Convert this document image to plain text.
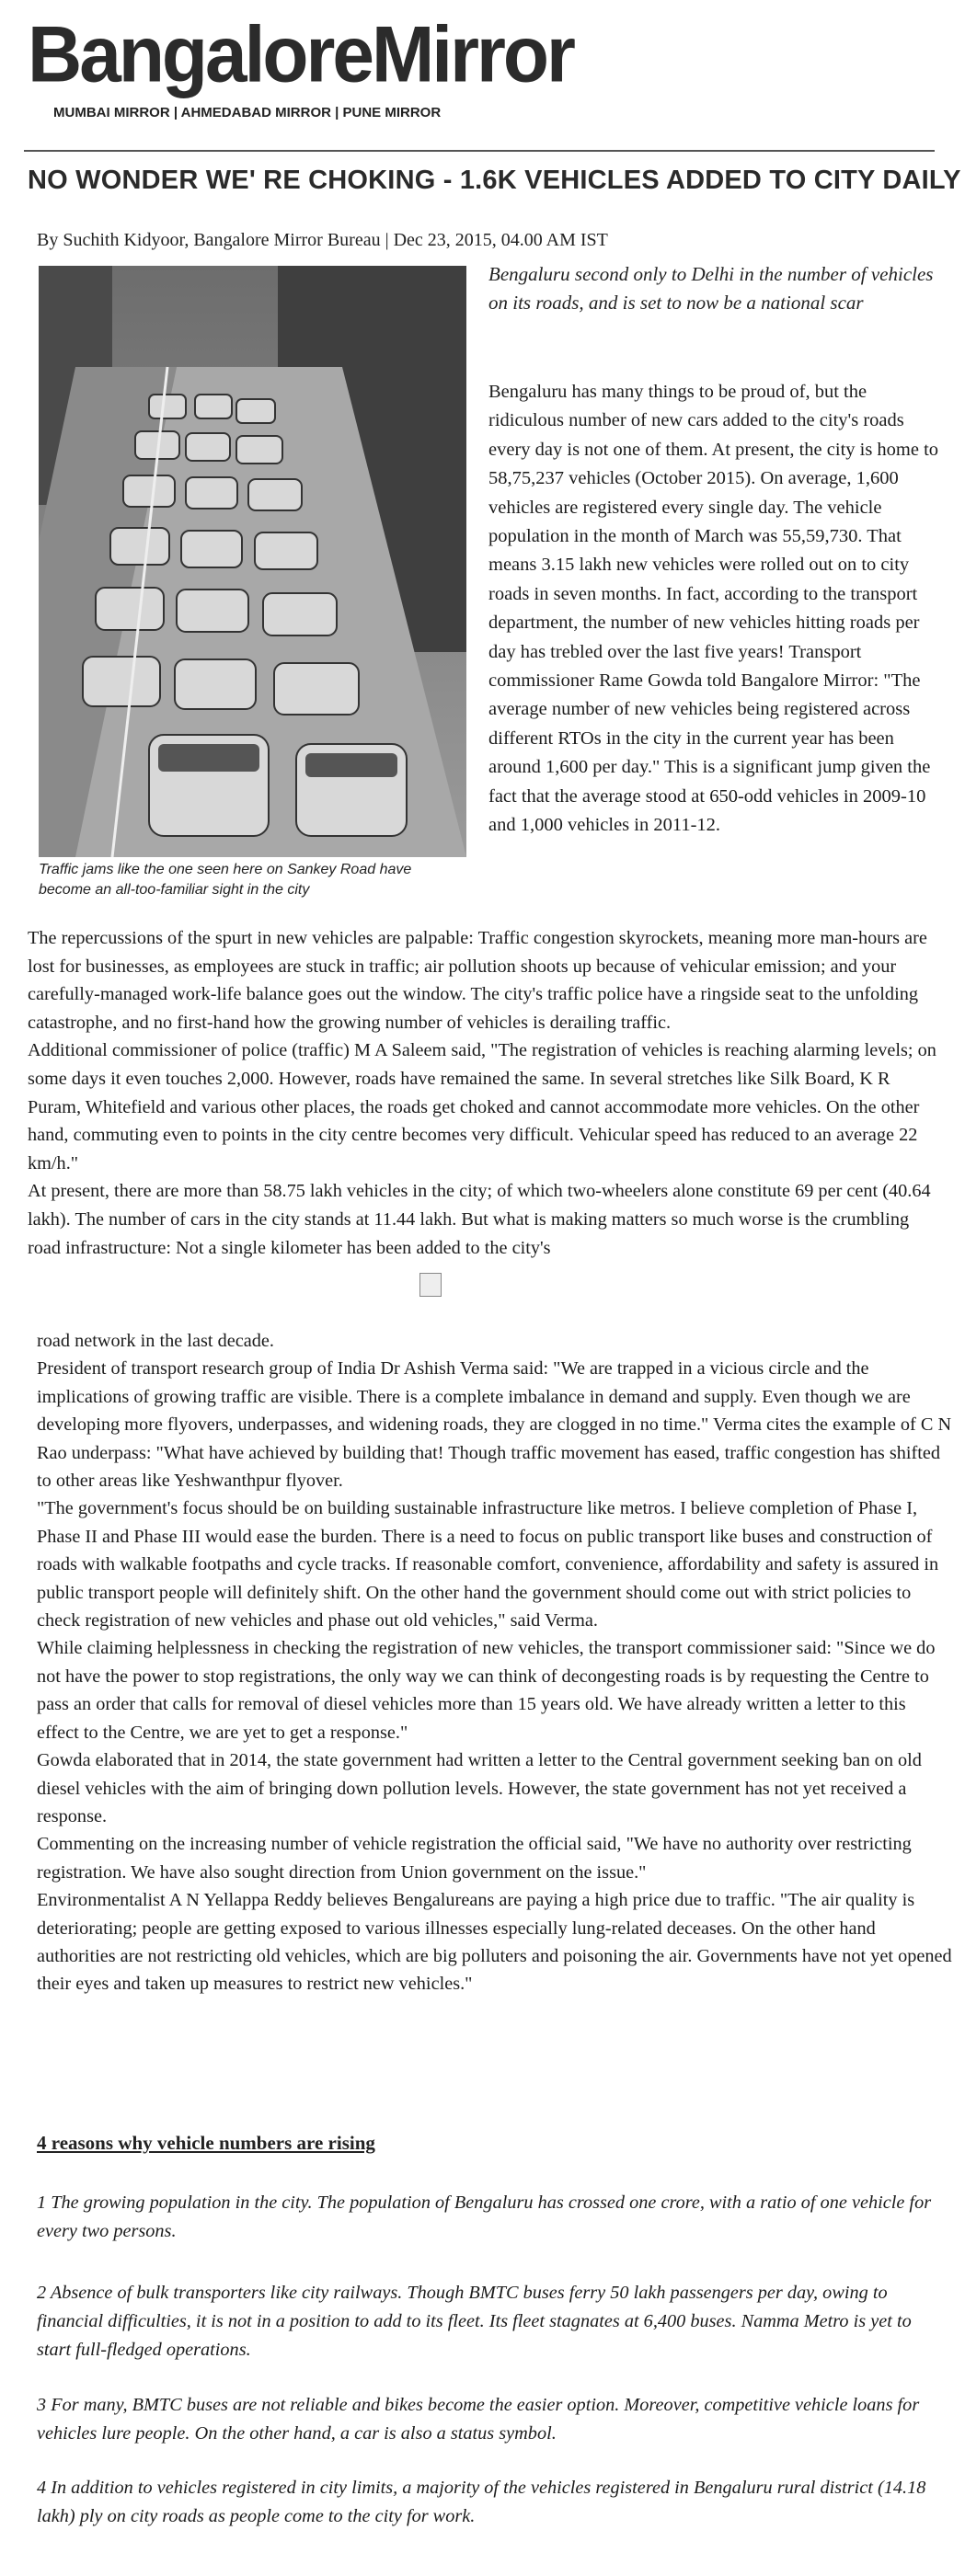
BangaloreMirror
MUMBAI MIRROR | AHMEDABAD MIRROR | PUNE MIRROR
NO WONDER WE' RE CHOKING - 1.6K VEHICLES ADDED TO CITY DAILY
By Suchith Kidyoor, Bangalore Mirror Bureau | Dec 23, 2015, 04.00 AM IST
Traffic jams like the one seen here on Sankey Road have become an all-too-familiar sight in the city
Bengaluru second only to Delhi in the number of vehicles on its roads, and is set to now be a national scar

Bengaluru has many things to be proud of, but the ridiculous number of new cars added to the city's roads every day is not one of them. At present, the city is home to 58,75,237 vehicles (October 2015). On average, 1,600 vehicles are registered every single day. The vehicle population in the month of March was 55,59,730. That means 3.15 lakh new vehicles were rolled out on to city roads in seven months. In fact, according to the transport department, the number of new vehicles hitting roads per day has trebled over the last five years! Transport commissioner Rame Gowda told Bangalore Mirror: "The average number of new vehicles being registered across different RTOs in the city in the current year has been around 1,600 per day." This is a significant jump given the fact that the average stood at 650-odd vehicles in 2009-10 and 1,000 vehicles in 2011-12.

The repercussions of the spurt in new vehicles are palpable: Traffic congestion skyrockets, meaning more man-hours are lost for businesses, as employees are stuck in traffic; air pollution shoots up because of vehicular emission; and your carefully-managed work-life balance goes out the window. The city's traffic police have a ringside seat to the unfolding catastrophe, and no first-hand how the growing number of vehicles is derailing traffic.

Additional commissioner of police (traffic) M A Saleem said, "The registration of vehicles is reaching alarming levels; on some days it even touches 2,000. However, roads have remained the same. In several stretches like Silk Board, K R Puram, Whitefield and various other places, the roads get choked and cannot accommodate more vehicles. On the other hand, commuting even to points in the city centre becomes very difficult. Vehicular speed has reduced to an average 22 km/h."

At present, there are more than 58.75 lakh vehicles in the city; of which two-wheelers alone constitute 69 per cent (40.64 lakh). The number of cars in the city stands at 11.44 lakh. But what is making matters so much worse is the crumbling road infrastructure: Not a single kilometer has been added to the city's

road network in the last decade.

President of transport research group of India Dr Ashish Verma said: "We are trapped in a vicious circle and the implications of growing traffic are visible. There is a complete imbalance in demand and supply. Even though we are developing more flyovers, underpasses, and widening roads, they are clogged in no time." Verma cites the example of C N Rao underpass: "What have achieved by building that! Though traffic movement has eased, traffic congestion has shifted to other areas like Yeshwanthpur flyover.

"The government's focus should be on building sustainable infrastructure like metros. I believe completion of Phase I, Phase II and Phase III would ease the burden. There is a need to focus on public transport like buses and construction of roads with walkable footpaths and cycle tracks. If reasonable comfort, convenience, affordability and safety is assured in public transport people will definitely shift. On the other hand the government should come out with strict policies to check registration of new vehicles and phase out old vehicles," said Verma.

While claiming helplessness in checking the registration of new vehicles, the transport commissioner said: "Since we do not have the power to stop registrations, the only way we can think of decongesting roads is by requesting the Centre to pass an order that calls for removal of diesel vehicles more than 15 years old. We have already written a letter to this effect to the Centre, we are yet to get a response."

Gowda elaborated that in 2014, the state government had written a letter to the Central government seeking ban on old diesel vehicles with the aim of bringing down pollution levels. However, the state government has not yet received a response.

Commenting on the increasing number of vehicle registration the official said, "We have no authority over restricting registration. We have also sought direction from Union government on the issue."

Environmentalist A N Yellappa Reddy believes Bengalureans are paying a high price due to traffic. "The air quality is deteriorating; people are getting exposed to various illnesses especially lung-related deceases. On the other hand authorities are not restricting old vehicles, which are big polluters and poisoning the air. Governments have not yet opened their eyes and taken up measures to restrict new vehicles."

4 reasons why vehicle numbers are rising

1 The growing population in the city. The population of Bengaluru has crossed one crore, with a ratio of one vehicle for every two persons.

2 Absence of bulk transporters like city railways. Though BMTC buses ferry 50 lakh passengers per day, owing to financial difficulties, it is not in a position to add to its fleet. Its fleet stagnates at 6,400 buses. Namma Metro is yet to start full-fledged operations.

3 For many, BMTC buses are not reliable and bikes become the easier option. Moreover, competitive vehicle loans for vehicles lure people. On the other hand, a car is also a status symbol.

4 In addition to vehicles registered in city limits, a majority of the vehicles registered in Bengaluru rural district (14.18 lakh) ply on city roads as people come to the city for work.
